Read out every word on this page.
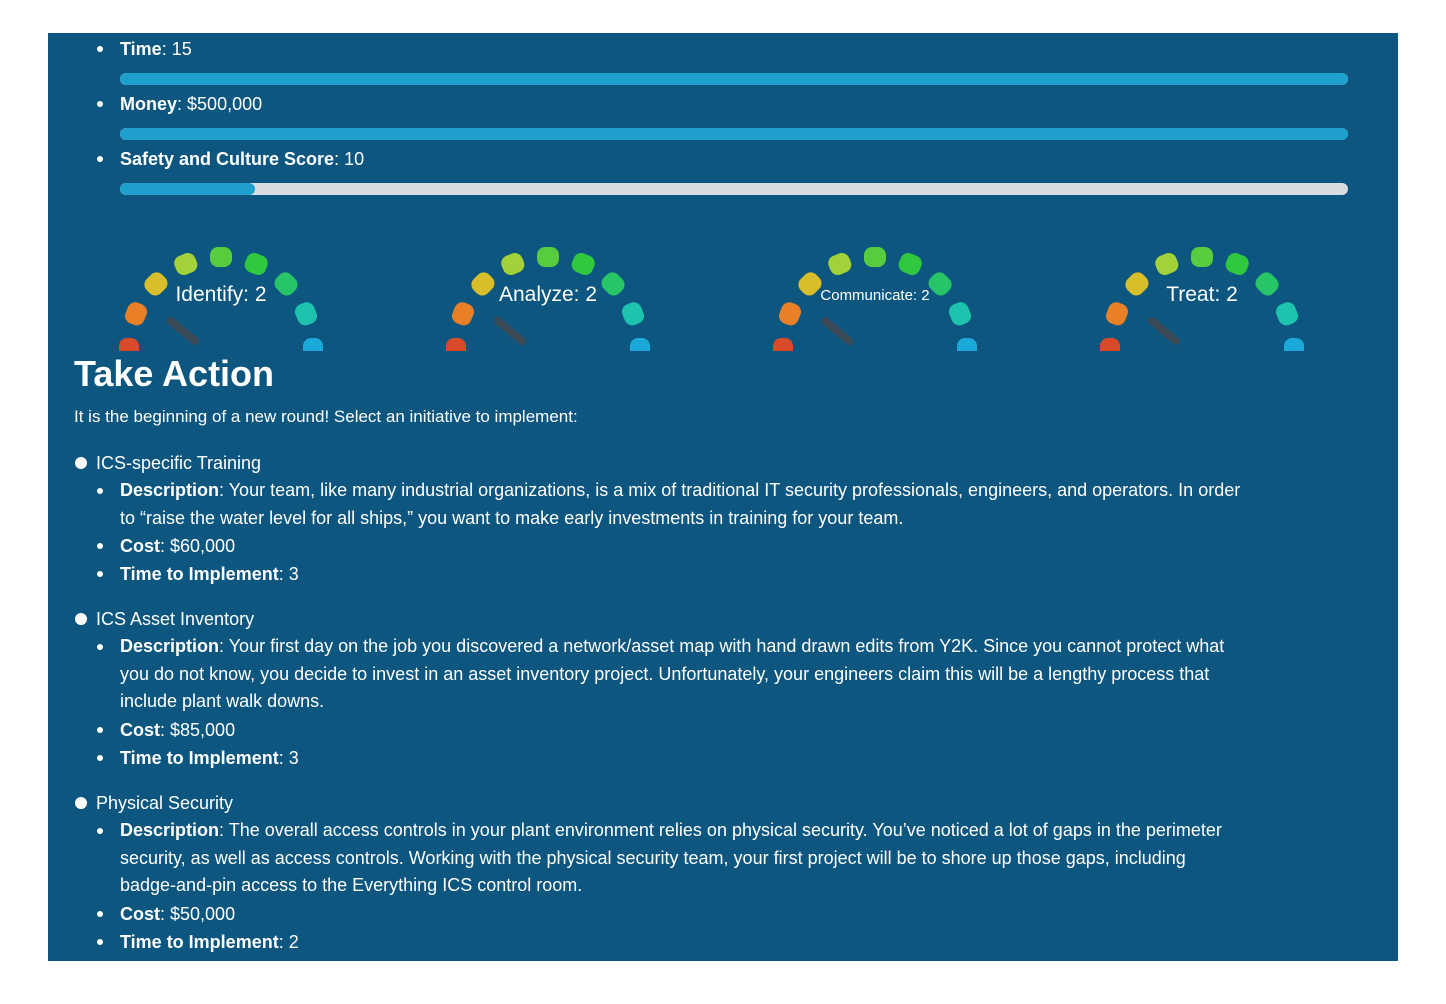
Time: 15
Money: $500,000
Safety and Culture Score: 10
Identify: 2	Analyze: 2	Communicate: 2	Treat: 2
Take Action
It is the beginning of a new round! Select an initiative to implement:
ICS-specific Training
Description: Your team, like many industrial organizations, is a mix of traditional IT security professionals, engineers, and operators. In order
to “raise the water level for all ships,” you want to make early investments in training for your team.
Cost: $60,000
Time to Implement: 3
ICS Asset Inventory
Description: Your first day on the job you discovered a network/asset map with hand drawn edits from Y2K. Since you cannot protect what
you do not know, you decide to invest in an asset inventory project. Unfortunately, your engineers claim this will be a lengthy process that
include plant walk downs.
Cost: $85,000
Time to Implement: 3
Physical Security
Description: The overall access controls in your plant environment relies on physical security. You’ve noticed a lot of gaps in the perimeter
security, as well as access controls. Working with the physical security team, your first project will be to shore up those gaps, including
badge-and-pin access to the Everything ICS control room.
Cost: $50,000
Time to Implement: 2
